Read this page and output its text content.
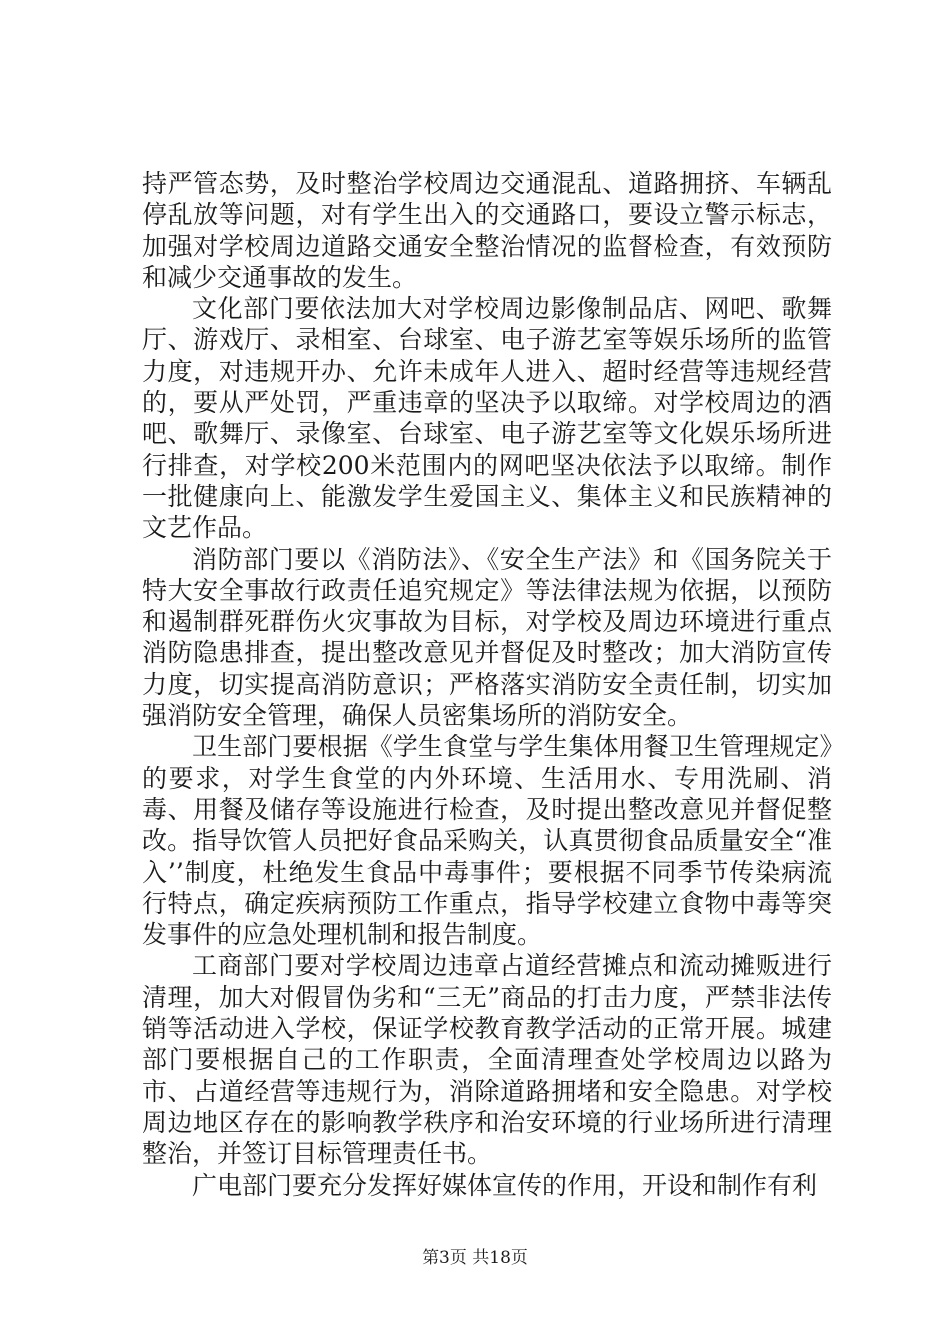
持严管态势，及时整治学校周边交通混乱、道路拥挤、车辆乱停乱放等问题，对有学生出入的交通路口，要设立警示标志，加强对学校周边道路交通安全整治情况的监督检查，有效预防和减少交通事故的发生。

文化部门要依法加大对学校周边影像制品店、网吧、歌舞厅、游戏厅、录相室、台球室、电子游艺室等娱乐场所的监管力度，对违规开办、允许未成年人进入、超时经营等违规经营的，要从严处罚，严重违章的坚决予以取缔。对学校周边的酒吧、歌舞厅、录像室、台球室、电子游艺室等文化娱乐场所进行排查，对学校200米范围内的网吧坚决依法予以取缔。制作一批健康向上、能激发学生爱国主义、集体主义和民族精神的文艺作品。

消防部门要以《消防法》、《安全生产法》和《国务院关于特大安全事故行政责任追究规定》等法律法规为依据，以预防和遏制群死群伤火灾事故为目标，对学校及周边环境进行重点消防隐患排查，提出整改意见并督促及时整改；加大消防宣传力度，切实提高消防意识；严格落实消防安全责任制，切实加强消防安全管理，确保人员密集场所的消防安全。

卫生部门要根据《学生食堂与学生集体用餐卫生管理规定》的要求，对学生食堂的内外环境、生活用水、专用洗刷、消毒、用餐及储存等设施进行检查，及时提出整改意见并督促整改。指导饮管人员把好食品采购关，认真贯彻食品质量安全“准入’’制度，杜绝发生食品中毒事件；要根据不同季节传染病流行特点，确定疾病预防工作重点，指导学校建立食物中毒等突发事件的应急处理机制和报告制度。

工商部门要对学校周边违章占道经营摊点和流动摊贩进行清理，加大对假冒伪劣和“三无”商品的打击力度，严禁非法传销等活动进入学校，保证学校教育教学活动的正常开展。城建部门要根据自己的工作职责，全面清理查处学校周边以路为市、占道经营等违规行为，消除道路拥堵和安全隐患。对学校周边地区存在的影响教学秩序和治安环境的行业场所进行清理整治，并签订目标管理责任书。

广电部门要充分发挥好媒体宣传的作用，开设和制作有利

第3页 共18页
